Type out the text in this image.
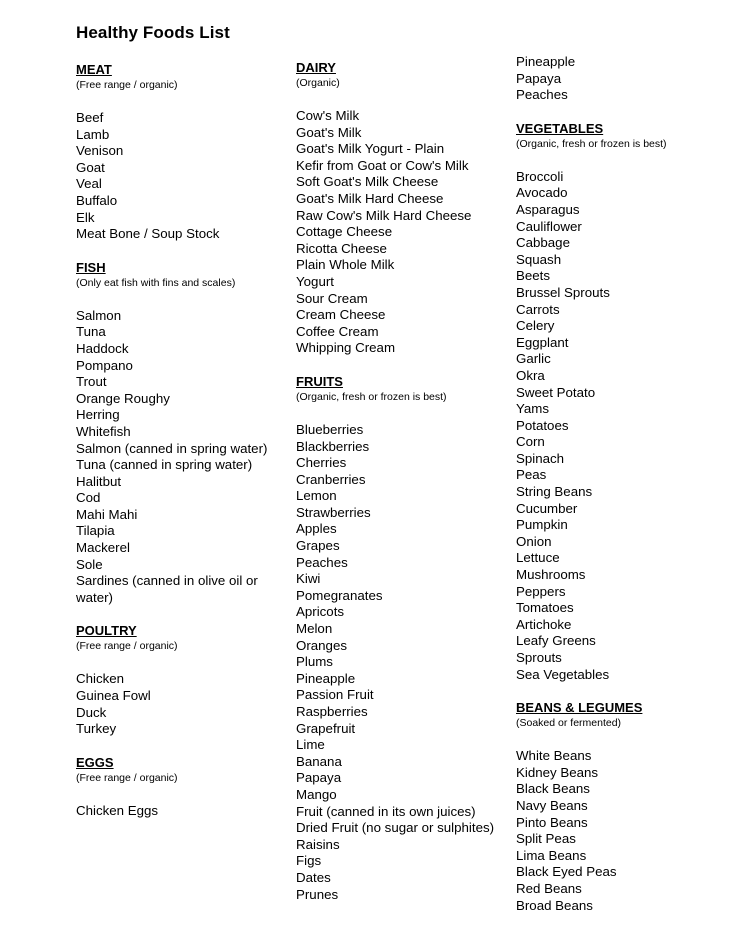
Healthy Foods List
MEAT
(Free range / organic)
Beef
Lamb
Venison
Goat
Veal
Buffalo
Elk
Meat Bone / Soup Stock
FISH
(Only eat fish with fins and scales)
Salmon
Tuna
Haddock
Pompano
Trout
Orange Roughy
Herring
Whitefish
Salmon (canned in spring water)
Tuna (canned in spring water)
Halitbut
Cod
Mahi Mahi
Tilapia
Mackerel
Sole
Sardines (canned in olive oil or
water)
POULTRY
(Free range / organic)
Chicken
Guinea Fowl
Duck
Turkey
EGGS
(Free range / organic)
Chicken Eggs
DAIRY
(Organic)
Cow's Milk
Goat's Milk
Goat's Milk Yogurt - Plain
Kefir from Goat or Cow's Milk
Soft Goat's Milk Cheese
Goat's Milk Hard Cheese
Raw Cow's Milk Hard Cheese
Cottage Cheese
Ricotta Cheese
Plain Whole Milk
Yogurt
Sour Cream
Cream Cheese
Coffee Cream
Whipping Cream
FRUITS
(Organic, fresh or frozen is best)
Blueberries
Blackberries
Cherries
Cranberries
Lemon
Strawberries
Apples
Grapes
Peaches
Kiwi
Pomegranates
Apricots
Melon
Oranges
Plums
Pineapple
Passion Fruit
Raspberries
Grapefruit
Lime
Banana
Papaya
Mango
Fruit (canned in its own juices)
Dried Fruit (no sugar or sulphites)
Raisins
Figs
Dates
Prunes
Pineapple
Papaya
Peaches
VEGETABLES
(Organic, fresh or frozen is best)
Broccoli
Avocado
Asparagus
Cauliflower
Cabbage
Squash
Beets
Brussel Sprouts
Carrots
Celery
Eggplant
Garlic
Okra
Sweet Potato
Yams
Potatoes
Corn
Spinach
Peas
String Beans
Cucumber
Pumpkin
Onion
Lettuce
Mushrooms
Peppers
Tomatoes
Artichoke
Leafy Greens
Sprouts
Sea Vegetables
BEANS & LEGUMES
(Soaked or fermented)
White Beans
Kidney Beans
Black Beans
Navy Beans
Pinto Beans
Split Peas
Lima Beans
Black Eyed Peas
Red Beans
Broad Beans
